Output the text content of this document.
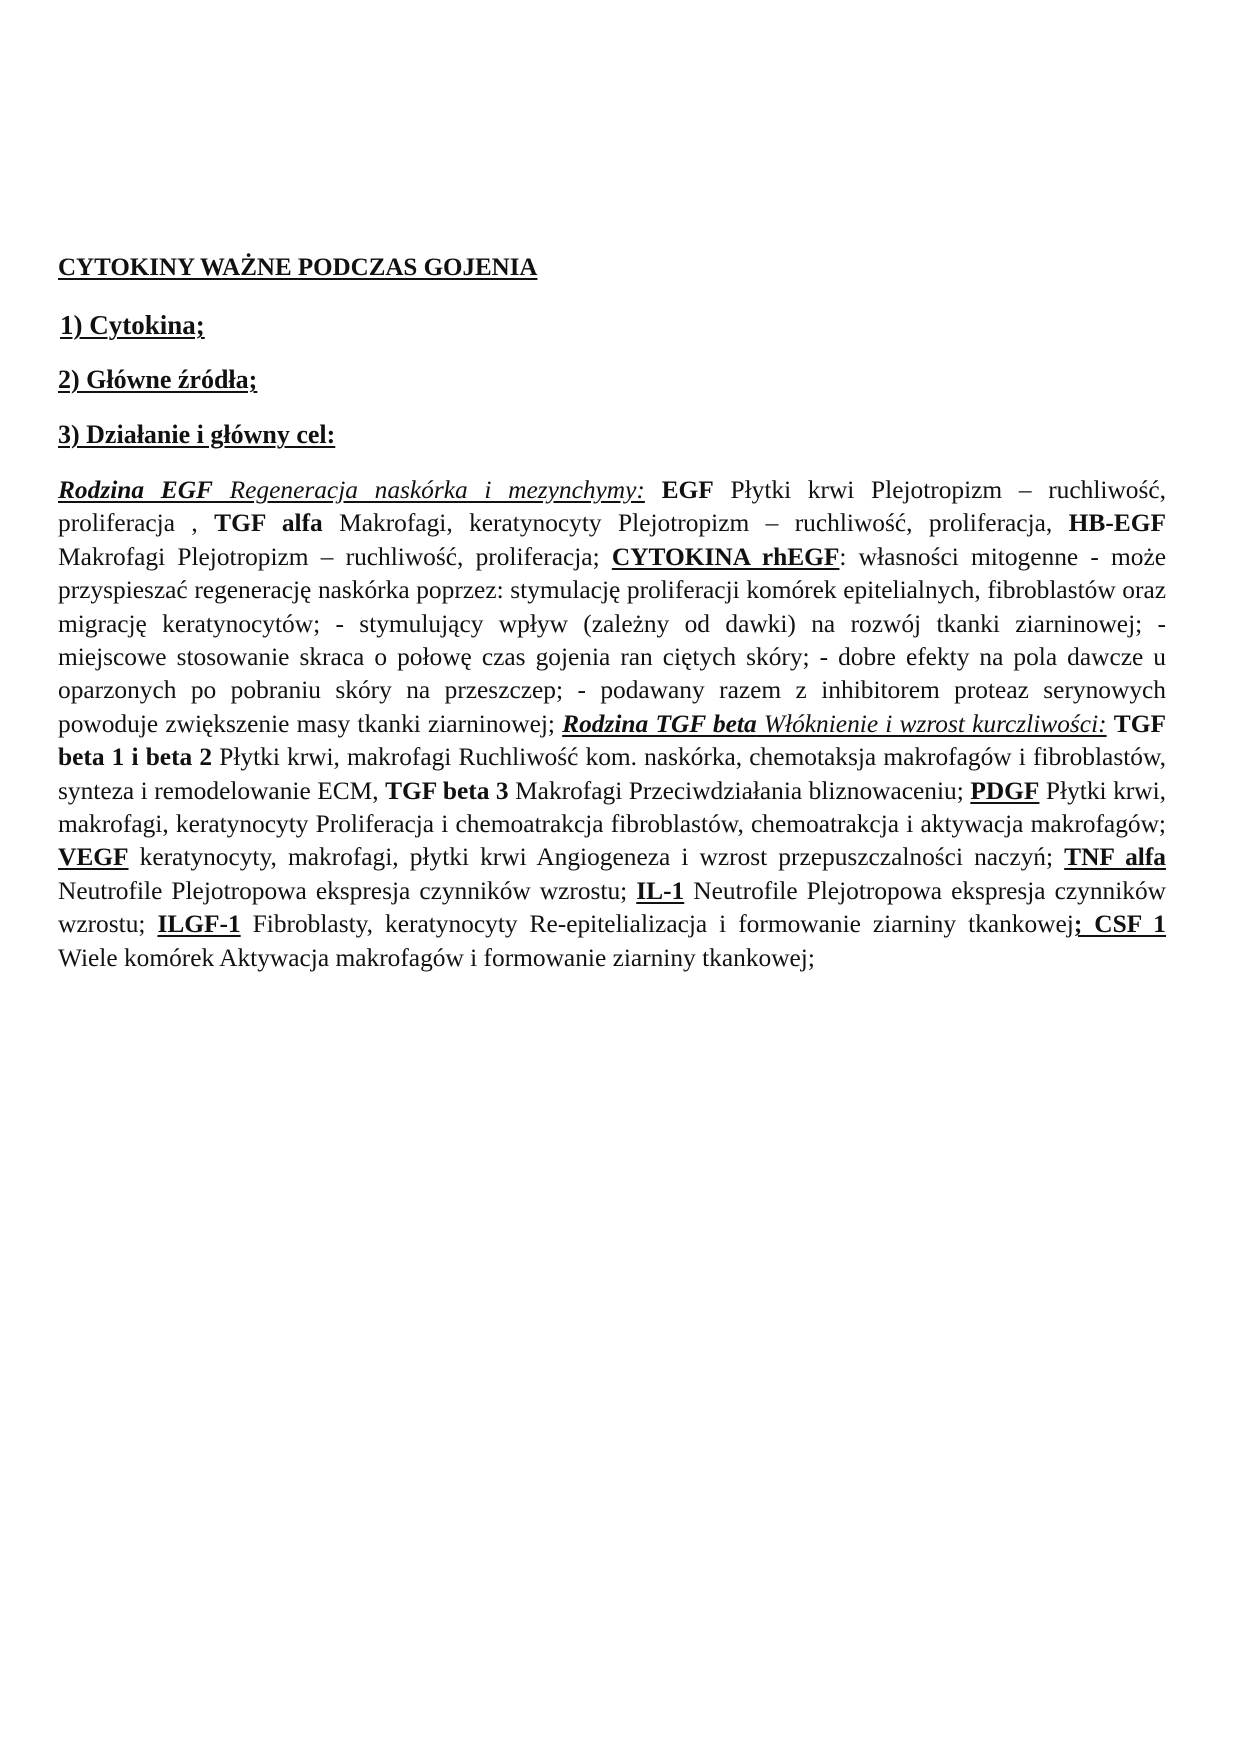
CYTOKINY WAŻNE PODCZAS GOJENIA
1) Cytokina;
2) Główne źródła;
3) Działanie i główny cel:
Rodzina EGF Regeneracja naskórka i mezynchymy: EGF Płytki krwi Plejotropizm – ruchliwość, proliferacja , TGF alfa Makrofagi, keratynocyty Plejotropizm – ruchliwość, proliferacja, HB-EGF Makrofagi Plejotropizm – ruchliwość, proliferacja; CYTOKINA rhEGF: własności mitogenne - może przyspieszać regenerację naskórka poprzez: stymulację proliferacji komórek epitelialnych, fibroblastów oraz migrację keratynocytów; - stymulujący wpływ (zależny od dawki) na rozwój tkanki ziarninowej; - miejscowe stosowanie skraca o połowę czas gojenia ran ciętych skóry; - dobre efekty na pola dawcze u oparzonych po pobraniu skóry na przeszczep; - podawany razem z inhibitorem proteaz serynowych powoduje zwiększenie masy tkanki ziarninowej; Rodzina TGF beta Włóknienie i wzrost kurczliwości: TGF beta 1 i beta 2 Płytki krwi, makrofagi Ruchliwość kom. naskórka, chemotaksja makrofagów i fibroblastów, synteza i remodelowanie ECM, TGF beta 3 Makrofagi Przeciwdziałania bliznowaceniu; PDGF Płytki krwi, makrofagi, keratynocyty Proliferacja i chemoatrakcja fibroblastów, chemoatrakcja i aktywacja makrofagów; VEGF keratynocyty, makrofagi, płytki krwi Angiogeneza i wzrost przepuszczalności naczyń; TNF alfa Neutrofile Plejotropowa ekspresja czynników wzrostu; IL-1 Neutrofile Plejotropowa ekspresja czynników wzrostu; ILGF-1 Fibroblasty, keratynocyty Re-epitelializacja i formowanie ziarniny tkankowej; CSF 1 Wiele komórek Aktywacja makrofagów i formowanie ziarniny tkankowej;
